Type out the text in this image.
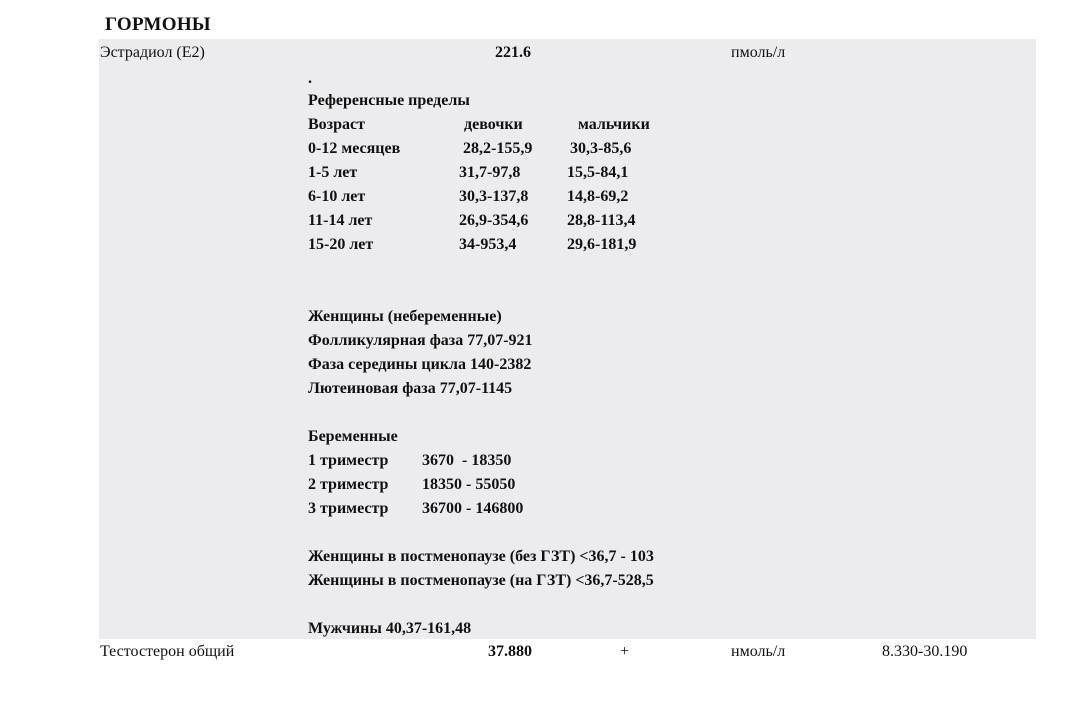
ГОРМОНЫ
Эстрадиол (E2)	221.6	пмоль/л
.
Референсные пределы
Возраст	девочки	мальчики
0-12 месяцев	28,2-155,9 30,3-85,6
1-5 лет	31,7-97,8	15,5-84,1
6-10 лет	30,3-137,8 14,8-69,2
11-14 лет	26,9-354,6 28,8-113,4
15-20 лет	34-953,4	29,6-181,9
Женщины (небеременные)
Фолликулярная фаза 77,07-921
Фаза середины цикла 140-2382
Лютеиновая фаза 77,07-1145
Беременные
1 триместр 3670  - 18350
2 триместр 18350 - 55050
3 триместр 36700 - 146800
Женщины в постменопаузе (без ГЗТ) <36,7 - 103
Женщины в постменопаузе (на ГЗТ) <36,7-528,5
Мужчины 40,37-161,48
Тестостерон общий	37.880	+	нмоль/л	8.330-30.190
